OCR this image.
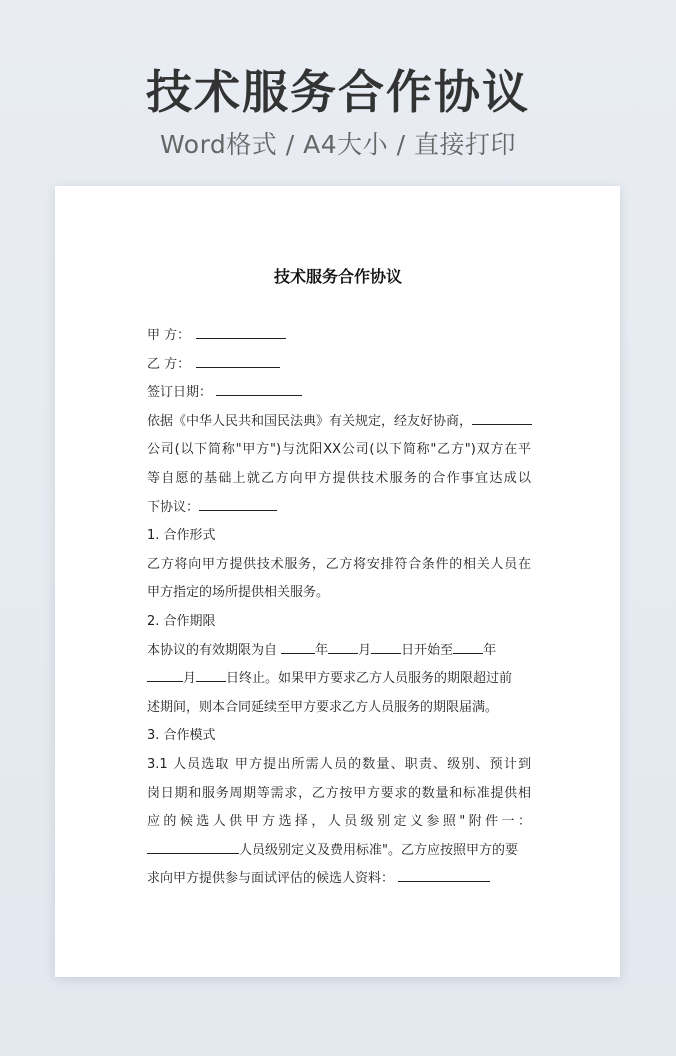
技术服务合作协议
Word格式 / A4大小 / 直接打印
技术服务合作协议
甲 方：
乙 方：
签订日期：
依据《中华人民共和国民法典》有关规定，经友好协商，
公司(以下简称"甲方")与沈阳XX公司(以下简称"乙方")双方在平
等自愿的基础上就乙方向甲方提供技术服务的合作事宜达成以
下协议：
1. 合作形式
乙方将向甲方提供技术服务，乙方将安排符合条件的相关人员在
甲方指定的场所提供相关服务。
2. 合作期限
本协议的有效期限为自	年 月 日开始至 年
月 日终止。如果甲方要求乙方人员服务的期限超过前
述期间，则本合同延续至甲方要求乙方人员服务的期限届满。
3. 合作模式
3.1 人员选取 甲方提出所需人员的数量、职责、级别、预计到
岗日期和服务周期等需求，乙方按甲方要求的数量和标准提供相
应的候选人供甲方选择，人员级别定义参照"附件一：
人员级别定义及费用标准"。乙方应按照甲方的要
求向甲方提供参与面试评估的候选人资料：
